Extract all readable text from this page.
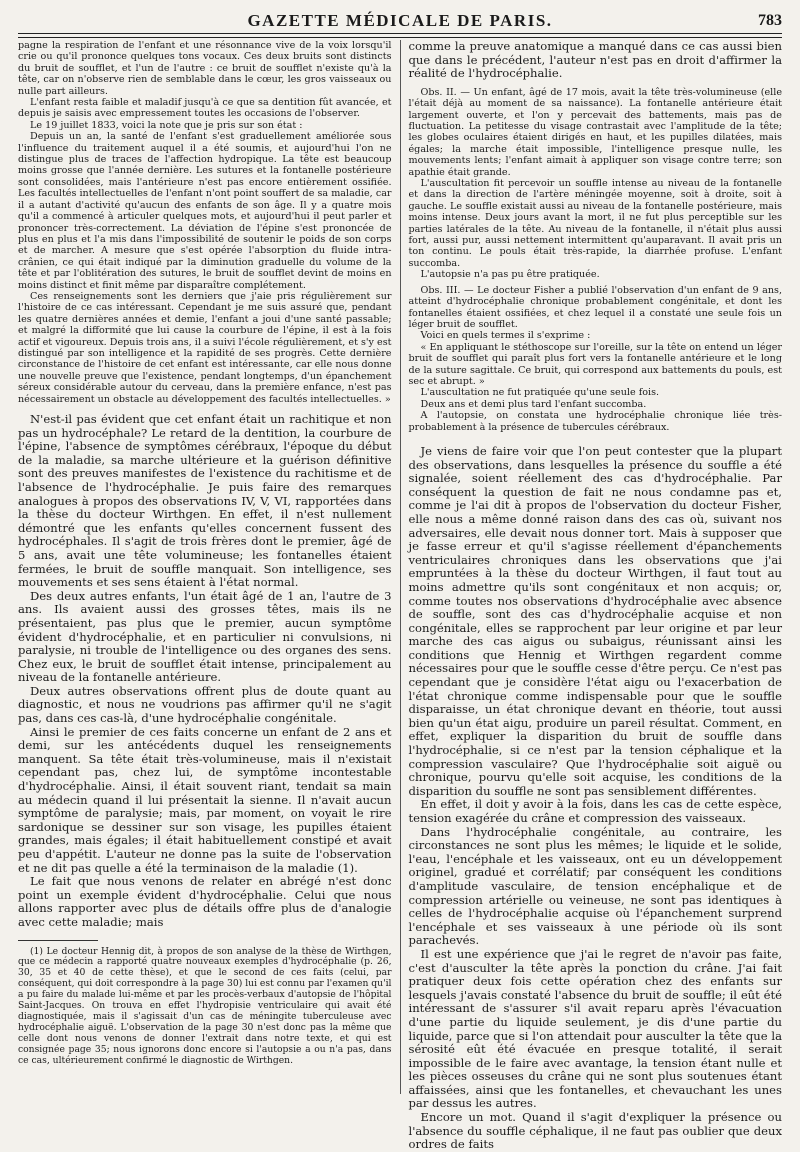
GAZETTE MÉDICALE DE PARIS.	783

pagne la respiration de l'enfant et une résonnance vive de la voix lorsqu'il crie ou qu'il prononce quelques tons vocaux. Ces deux bruits sont distincts du bruit de soufflet, et l'un de l'autre : ce bruit de soufflet n'existe qu'à la tête, car on n'observe rien de semblable dans le cœur, les gros vaisseaux ou nulle part ailleurs.

L'enfant resta faible et maladif jusqu'à ce que sa dentition fût avancée, et depuis je saisis avec empressement toutes les occasions de l'observer.

Le 19 juillet 1833, voici la note que je pris sur son état :

Depuis un an, la santé de l'enfant s'est graduellement améliorée sous l'influence du traitement auquel il a été soumis, et aujourd'hui l'on ne distingue plus de traces de l'affection hydropique. La tête est beaucoup moins grosse que l'année dernière. Les sutures et la fontanelle postérieure sont consolidées, mais l'antérieure n'est pas encore entièrement ossifiée. Les facultés intellectuelles de l'enfant n'ont point souffert de sa maladie, car il a autant d'activité qu'aucun des enfants de son âge. Il y a quatre mois qu'il a commencé à articuler quelques mots, et aujourd'hui il peut parler et prononcer très-correctement. La déviation de l'épine s'est prononcée de plus en plus et l'a mis dans l'impossibilité de soutenir le poids de son corps et de marcher. A mesure que s'est opérée l'absorption du fluide intra-crânien, ce qui était indiqué par la diminution graduelle du volume de la tête et par l'oblitération des sutures, le bruit de soufflet devint de moins en moins distinct et finit même par disparaître complétement.

Ces renseignements sont les derniers que j'aie pris régulièrement sur l'histoire de ce cas intéressant. Cependant je me suis assuré que, pendant les quatre dernières années et demie, l'enfant a joui d'une santé passable; et malgré la difformité que lui cause la courbure de l'épine, il est à la fois actif et vigoureux. Depuis trois ans, il a suivi l'école régulièrement, et s'y est distingué par son intelligence et la rapidité de ses progrès. Cette dernière circonstance de l'histoire de cet enfant est intéressante, car elle nous donne une nouvelle preuve que l'existence, pendant longtemps, d'un épanchement séreux considérable autour du cerveau, dans la première enfance, n'est pas nécessairement un obstacle au développement des facultés intellectuelles. »

N'est-il pas évident que cet enfant était un rachitique et non pas un hydrocéphale? Le retard de la dentition, la courbure de l'épine, l'absence de symptômes cérébraux, l'époque du début de la maladie, sa marche ultérieure et la guérison définitive sont des preuves manifestes de l'existence du rachitisme et de l'absence de l'hydrocéphalie. Je puis faire des remarques analogues à propos des observations IV, V, VI, rapportées dans la thèse du docteur Wirthgen. En effet, il n'est nullement démontré que les enfants qu'elles concernent fussent des hydrocéphales. Il s'agit de trois frères dont le premier, âgé de 5 ans, avait une tête volumineuse; les fontanelles étaient fermées, le bruit de souffle manquait. Son intelligence, ses mouvements et ses sens étaient à l'état normal.

Des deux autres enfants, l'un était âgé de 1 an, l'autre de 3 ans. Ils avaient aussi des grosses têtes, mais ils ne présentaient, pas plus que le premier, aucun symptôme évident d'hydrocéphalie, et en particulier ni convulsions, ni paralysie, ni trouble de l'intelligence ou des organes des sens. Chez eux, le bruit de soufflet était intense, principalement au niveau de la fontanelle antérieure.

Deux autres observations offrent plus de doute quant au diagnostic, et nous ne voudrions pas affirmer qu'il ne s'agit pas, dans ces cas-là, d'une hydrocéphalie congénitale.

Ainsi le premier de ces faits concerne un enfant de 2 ans et demi, sur les antécédents duquel les renseignements manquent. Sa tête était très-volumineuse, mais il n'existait cependant pas, chez lui, de symptôme incontestable d'hydrocéphalie. Ainsi, il était souvent riant, tendait sa main au médecin quand il lui présentait la sienne. Il n'avait aucun symptôme de paralysie; mais, par moment, on voyait le rire sardonique se dessiner sur son visage, les pupilles étaient grandes, mais égales; il était habituellement constipé et avait peu d'appétit. L'auteur ne donne pas la suite de l'observation et ne dit pas quelle a été la terminaison de la maladie (1).

Le fait que nous venons de relater en abrégé n'est donc point un exemple évident d'hydrocéphalie. Celui que nous allons rapporter avec plus de détails offre plus de d'analogie avec cette maladie; mais

(1) Le docteur Hennig dit, à propos de son analyse de la thèse de Wirthgen, que ce médecin a rapporté quatre nouveaux exemples d'hydrocéphalie (p. 26, 30, 35 et 40 de cette thèse), et que le second de ces faits (celui, par conséquent, qui doit correspondre à la page 30) lui est connu par l'examen qu'il a pu faire du malade lui-même et par les procès-verbaux d'autopsie de l'hôpital Saint-Jacques. On trouva en effet l'hydropisie ventriculaire qui avait été diagnostiquée, mais il s'agissait d'un cas de méningite tuberculeuse avec hydrocéphalie aiguë. L'observation de la page 30 n'est donc pas la même que celle dont nous venons de donner l'extrait dans notre texte, et qui est consignée page 35; nous ignorons donc encore si l'autopsie a ou n'a pas, dans ce cas, ultérieurement confirmé le diagnostic de Wirthgen.

comme la preuve anatomique a manqué dans ce cas aussi bien que dans le précédent, l'auteur n'est pas en droit d'affirmer la réalité de l'hydrocéphalie.

Obs. II. — Un enfant, âgé de 17 mois, avait la tête très-volumineuse (elle l'était déjà au moment de sa naissance). La fontanelle antérieure était largement ouverte, et l'on y percevait des battements, mais pas de fluctuation. La petitesse du visage contrastait avec l'amplitude de la tête; les globes oculaires étaient dirigés en haut, et les pupilles dilatées, mais égales; la marche était impossible, l'intelligence presque nulle, les mouvements lents; l'enfant aimait à appliquer son visage contre terre; son apathie était grande.

L'auscultation fit percevoir un souffle intense au niveau de la fontanelle et dans la direction de l'artère méningée moyenne, soit à droite, soit à gauche. Le souffle existait aussi au niveau de la fontanelle postérieure, mais moins intense. Deux jours avant la mort, il ne fut plus perceptible sur les parties latérales de la tête. Au niveau de la fontanelle, il n'était plus aussi fort, aussi pur, aussi nettement intermittent qu'auparavant. Il avait pris un ton continu. Le pouls était très-rapide, la diarrhée profuse. L'enfant succomba.

L'autopsie n'a pas pu être pratiquée.

Obs. III. — Le docteur Fisher a publié l'observation d'un enfant de 9 ans, atteint d'hydrocéphalie chronique probablement congénitale, et dont les fontanelles étaient ossifiées, et chez lequel il a constaté une seule fois un léger bruit de soufflet.

Voici en quels termes il s'exprime :

« En appliquant le stéthoscope sur l'oreille, sur la tête on entend un léger bruit de soufflet qui paraît plus fort vers la fontanelle antérieure et le long de la suture sagittale. Ce bruit, qui correspond aux battements du pouls, est sec et abrupt. »

L'auscultation ne fut pratiquée qu'une seule fois.

Deux ans et demi plus tard l'enfant succomba.

A l'autopsie, on constata une hydrocéphalie chronique liée très-probablement à la présence de tubercules cérébraux.

Je viens de faire voir que l'on peut contester que la plupart des observations, dans lesquelles la présence du souffle a été signalée, soient réellement des cas d'hydrocéphalie. Par conséquent la question de fait ne nous condamne pas et, comme je l'ai dit à propos de l'observation du docteur Fisher, elle nous a même donné raison dans des cas où, suivant nos adversaires, elle devait nous donner tort. Mais à supposer que je fasse erreur et qu'il s'agisse réellement d'épanchements ventriculaires chroniques dans les observations que j'ai empruntées à la thèse du docteur Wirthgen, il faut tout au moins admettre qu'ils sont congénitaux et non acquis; or, comme toutes nos observations d'hydrocéphalie avec absence de souffle, sont des cas d'hydrocéphalie acquise et non congénitale, elles se rapprochent par leur origine et par leur marche des cas aigus ou subaigus, réunissant ainsi les conditions que Hennig et Wirthgen regardent comme nécessaires pour que le souffle cesse d'être perçu. Ce n'est pas cependant que je considère l'état aigu ou l'exacerbation de l'état chronique comme indispensable pour que le souffle disparaisse, un état chronique devant en théorie, tout aussi bien qu'un état aigu, produire un pareil résultat. Comment, en effet, expliquer la disparition du bruit de souffle dans l'hydrocéphalie, si ce n'est par la tension céphalique et la compression vasculaire? Que l'hydrocéphalie soit aiguë ou chronique, pourvu qu'elle soit acquise, les conditions de la disparition du souffle ne sont pas sensiblement différentes.

En effet, il doit y avoir à la fois, dans les cas de cette espèce, tension exagérée du crâne et compression des vaisseaux.

Dans l'hydrocéphalie congénitale, au contraire, les circonstances ne sont plus les mêmes; le liquide et le solide, l'eau, l'encéphale et les vaisseaux, ont eu un développement originel, gradué et corrélatif; par conséquent les conditions d'amplitude vasculaire, de tension encéphalique et de compression artérielle ou veineuse, ne sont pas identiques à celles de l'hydrocéphalie acquise où l'épanchement surprend l'encéphale et ses vaisseaux à une période où ils sont parachevés.

Il est une expérience que j'ai le regret de n'avoir pas faite, c'est d'ausculter la tête après la ponction du crâne. J'ai fait pratiquer deux fois cette opération chez des enfants sur lesquels j'avais constaté l'absence du bruit de souffle; il eût été intéressant de s'assurer s'il avait reparu après l'évacuation d'une partie du liquide seulement, je dis d'une partie du liquide, parce que si l'on attendait pour ausculter la tête que la sérosité eût été évacuée en presque totalité, il serait impossible de le faire avec avantage, la tension étant nulle et les pièces osseuses du crâne qui ne sont plus soutenues étant affaissées, ainsi que les fontanelles, et chevauchant les unes par dessus les autres.

Encore un mot. Quand il s'agit d'expliquer la présence ou l'absence du souffle céphalique, il ne faut pas oublier que deux ordres de faits
